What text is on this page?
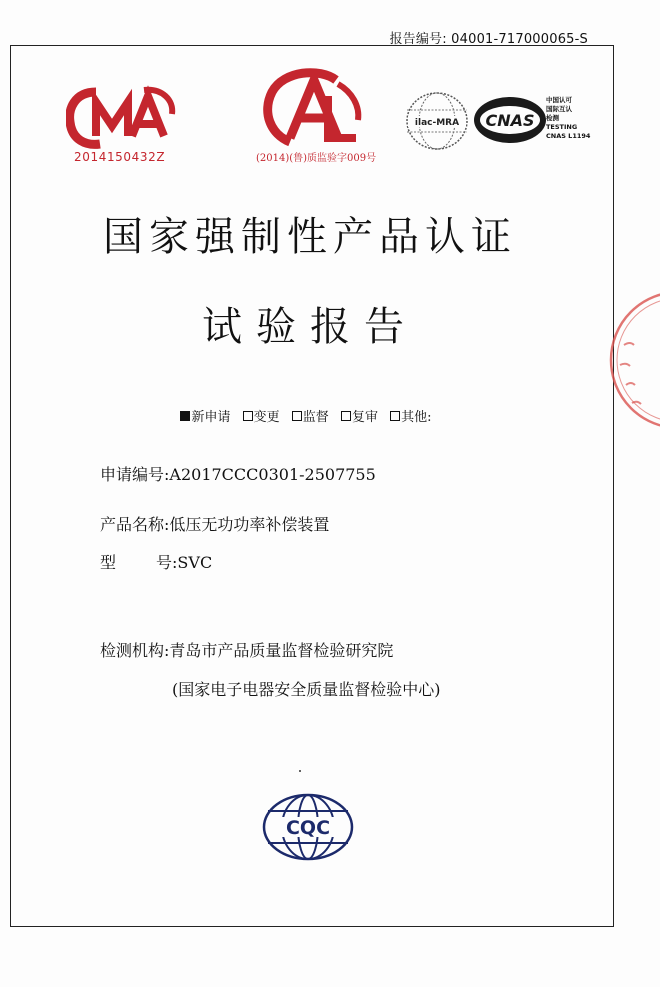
报告编号: 04001-717000065-S
2014150432Z	(2014)(鲁)质监验字009号
ilac-MRA CNAS
中国认可
国际互认
检测
TESTING
CNAS L1194
国家强制性产品认证
试验报告
新申请 变更 监督 复审 其他:
申请编号:A2017CCC0301-2507755
产品名称:低压无功功率补偿装置
型	号:SVC
检测机构:青岛市产品质量监督检验研究院
(国家电子电器安全质量监督检验中心)
CQC
